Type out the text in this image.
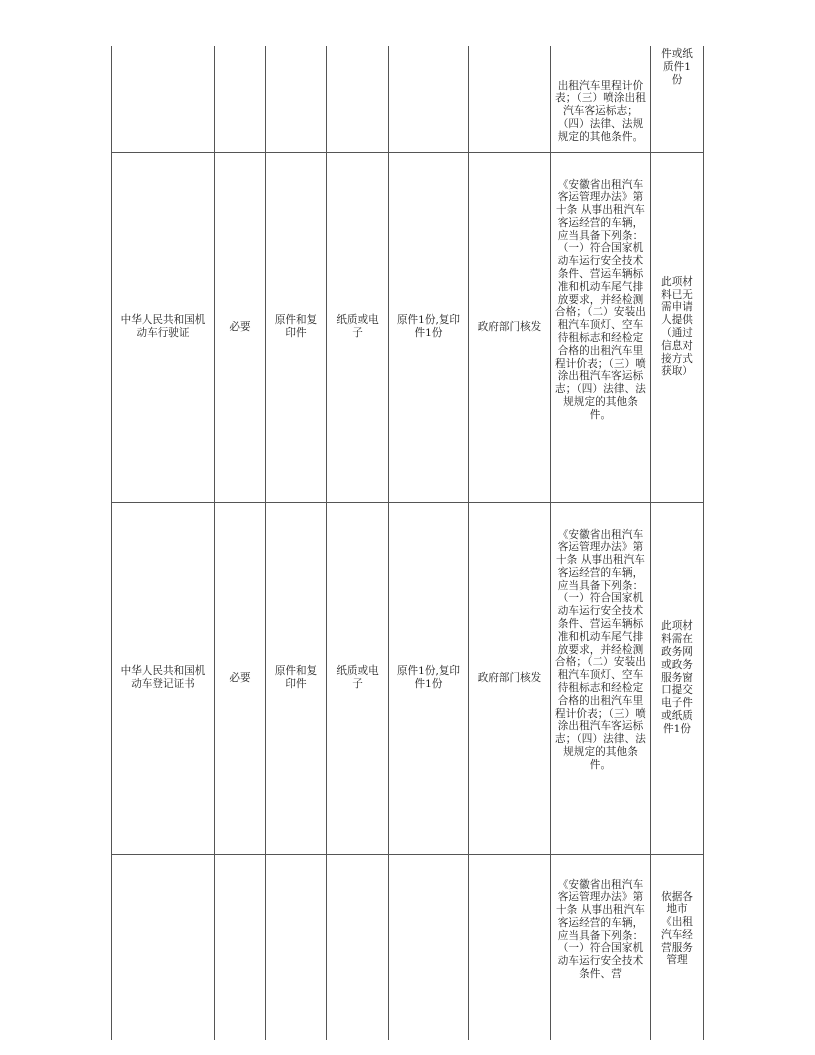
						出租汽车里程计价表；（三）喷涂出租汽车客运标志；（四）法律、法规规定的其他条件。	件或纸质件1份

中华人民共和国机动车行驶证	必要	原件和复印件	纸质或电子	原件1份,复印件1份	政府部门核发	《安徽省出租汽车客运管理办法》第十条 从事出租汽车客运经营的车辆，应当具备下列条：（一）符合国家机动车运行安全技术条件、营运车辆标准和机动车尾气排放要求，并经检测合格；（二）安装出租汽车顶灯、空车待租标志和经检定合格的出租汽车里程计价表；（三）喷涂出租汽车客运标志；（四）法律、法规规定的其他条件。	此项材料已无需申请人提供（通过信息对接方式获取）

中华人民共和国机动车登记证书	必要	原件和复印件	纸质或电子	原件1份,复印件1份	政府部门核发	《安徽省出租汽车客运管理办法》第十条 从事出租汽车客运经营的车辆，应当具备下列条：（一）符合国家机动车运行安全技术条件、营运车辆标准和机动车尾气排放要求，并经检测合格；（二）安装出租汽车顶灯、空车待租标志和经检定合格的出租汽车里程计价表；（三）喷涂出租汽车客运标志；（四）法律、法规规定的其他条件。	此项材料需在政务网或政务服务窗口提交电子件或纸质件1份

						《安徽省出租汽车客运管理办法》第十条 从事出租汽车客运经营的车辆，应当具备下列条：（一）符合国家机动车运行安全技术条件、营	依据各地市《出租汽车经营服务管理
